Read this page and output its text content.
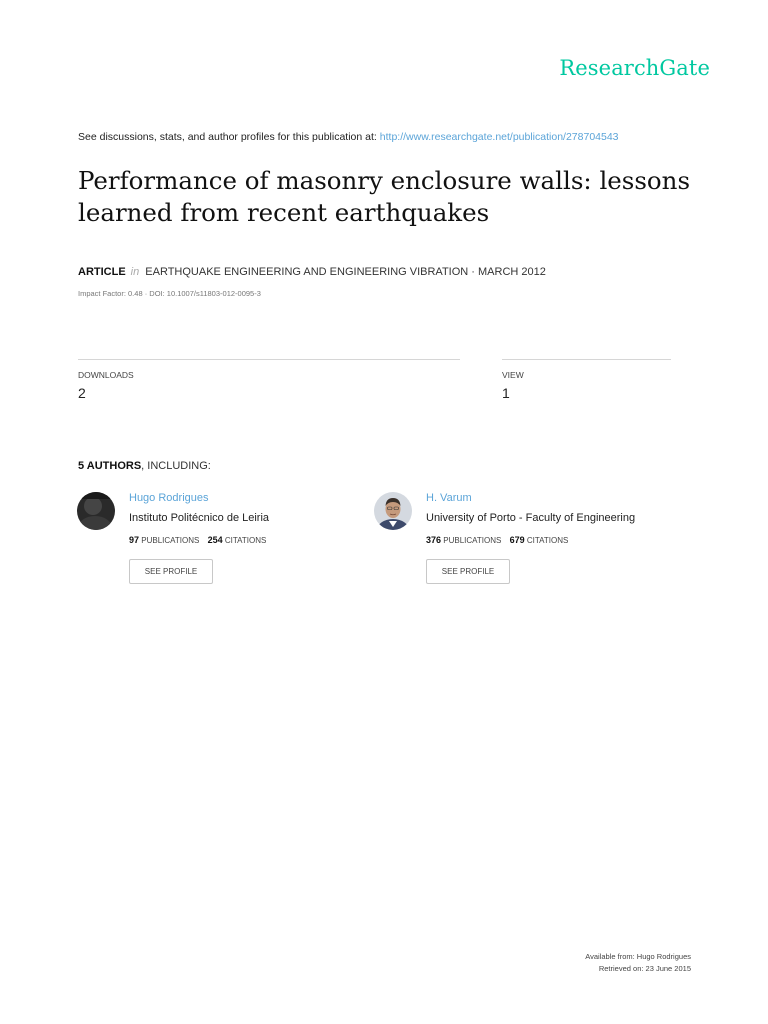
ResearchGate
See discussions, stats, and author profiles for this publication at: http://www.researchgate.net/publication/278704543
Performance of masonry enclosure walls: lessons learned from recent earthquakes
ARTICLE in EARTHQUAKE ENGINEERING AND ENGINEERING VIBRATION · MARCH 2012
Impact Factor: 0.48 · DOI: 10.1007/s11803-012-0095-3
DOWNLOADS
2
VIEW
1
5 AUTHORS, INCLUDING:
Hugo Rodrigues
Instituto Politécnico de Leiria
97 PUBLICATIONS 254 CITATIONS
SEE PROFILE
H. Varum
University of Porto - Faculty of Engineering
376 PUBLICATIONS 679 CITATIONS
SEE PROFILE
Available from: Hugo Rodrigues
Retrieved on: 23 June 2015
